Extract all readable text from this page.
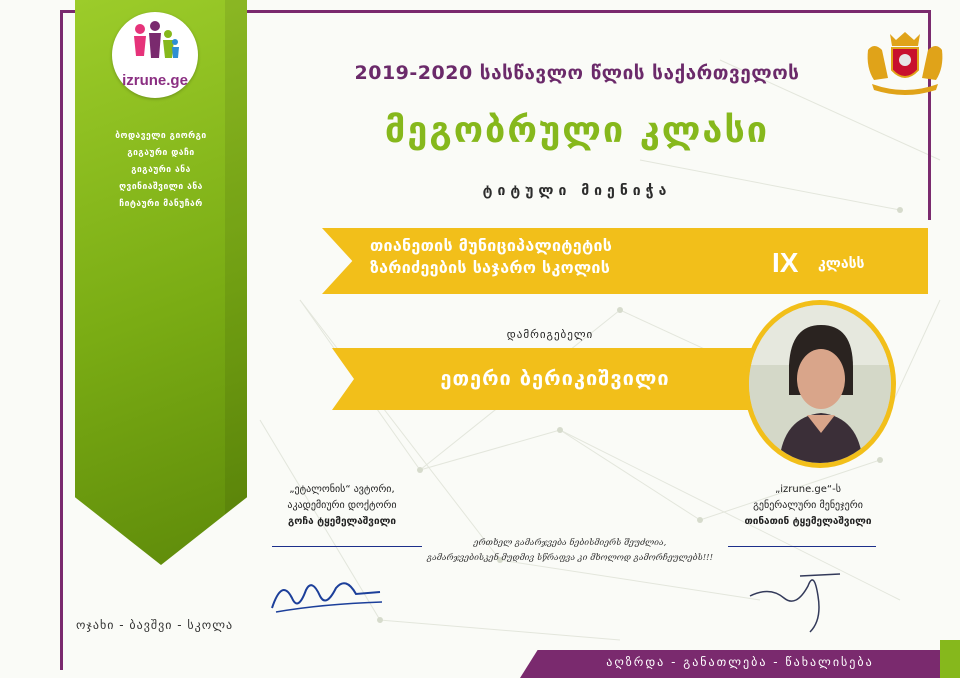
izrune.ge
ბოდაველი გიორგი
გიგაური დაჩი
გიგაური ანა
ღვინიაშვილი ანა
ჩიტაური მანუჩარ
2019-2020 სასწავლო წლის საქართველოს
მეგობრული კლასი
ტიტული მიენიჭა
თიანეთის მუნიციპალიტეტის
ზარიძეების საჯარო სკოლის	IX კლასს
დამრიგებელი
ეთერი ბერიკიშვილი
„ეტალონის“ ავტორი,
აკადემიური დოქტორი
გოჩა ტყემელაშვილი
„izrune.ge“-ს
გენერალური მენეჯერი
თინათინ ტყემელაშვილი
ერთხელ გამარჯვება ნებისმიერს შეუძლია,
გამარჯვებისკენ მუდმივ სწრაფვა კი მხოლოდ გამორჩეულებს!!!
ოჯახი - ბავშვი - სკოლა
აღზრდა - განათლება - წახალისება
